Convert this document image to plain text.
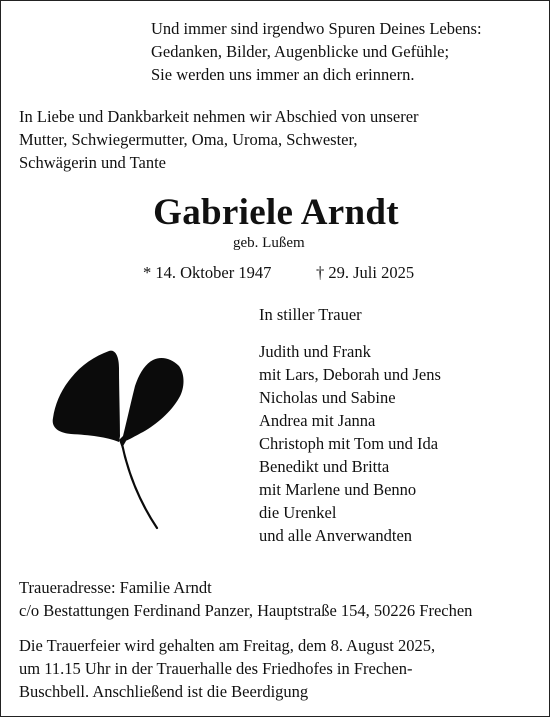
Und immer sind irgendwo Spuren Deines Lebens:
Gedanken, Bilder, Augenblicke und Gefühle;
Sie werden uns immer an dich erinnern.
In Liebe und Dankbarkeit nehmen wir Abschied von unserer
Mutter, Schwiegermutter, Oma, Uroma, Schwester,
Schwägerin und Tante
Gabriele Arndt
geb. Lußem
* 14. Oktober 1947	† 29. Juli 2025
In stiller Trauer
Judith und Frank
mit Lars, Deborah und Jens
Nicholas und Sabine
Andrea mit Janna
Christoph mit Tom und Ida
Benedikt und Britta
mit Marlene und Benno
die Urenkel
und alle Anverwandten
Traueradresse: Familie Arndt
c/o Bestattungen Ferdinand Panzer, Hauptstraße 154, 50226 Frechen
Die Trauerfeier wird gehalten am Freitag, dem 8. August 2025,
um 11.15 Uhr in der Trauerhalle des Friedhofes in Frechen-
Buschbell. Anschließend ist die Beerdigung
